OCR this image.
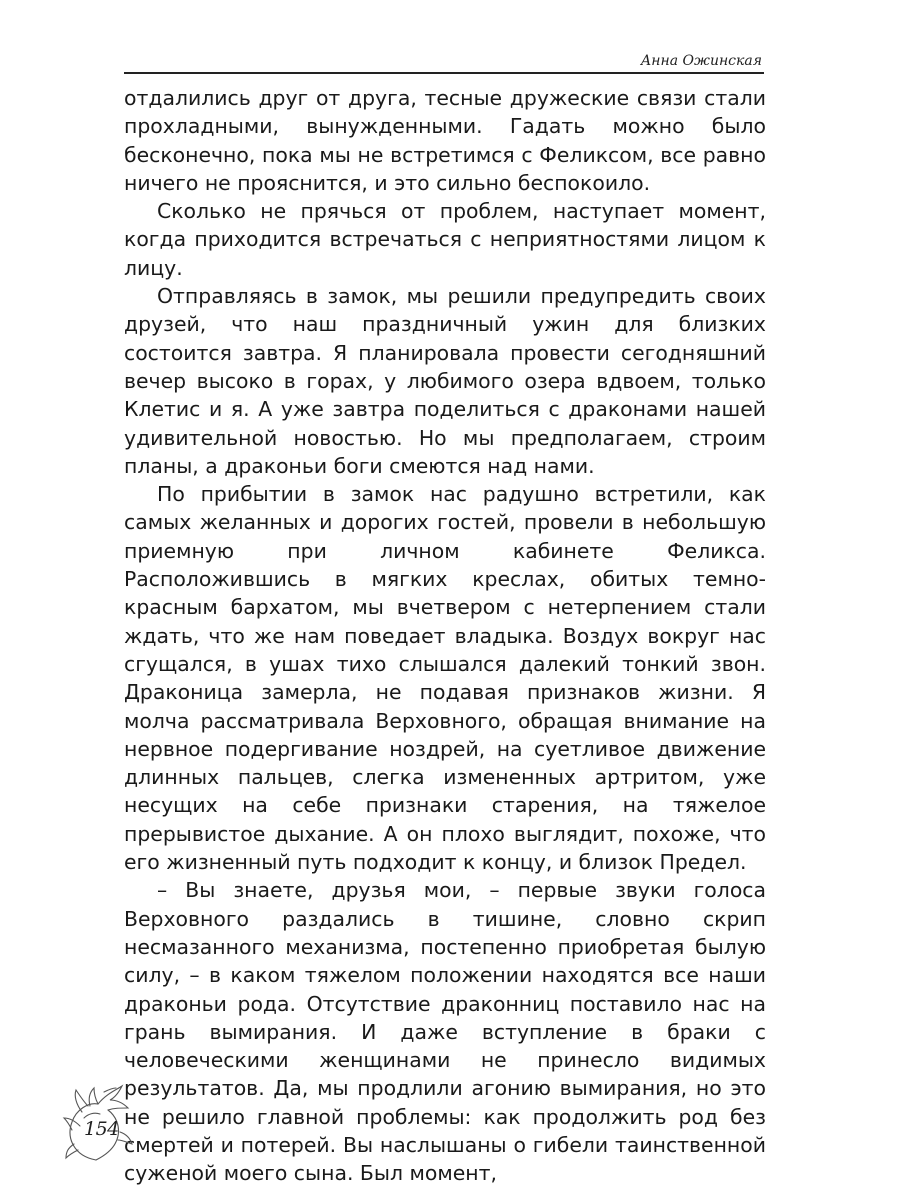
Анна Ожинская

отдалились друг от друга, тесные дружеские связи стали прохладными, вынужденными. Гадать можно было бесконечно, пока мы не встретимся с Феликсом, все равно ничего не прояснится, и это сильно беспокоило.

Сколько не прячься от проблем, наступает момент, когда приходится встречаться с неприятностями лицом к лицу.

Отправляясь в замок, мы решили предупредить своих друзей, что наш праздничный ужин для близких состоится завтра. Я планировала провести сегодняшний вечер высоко в горах, у любимого озера вдвоем, только Клетис и я. А уже завтра поделиться с драконами нашей удивительной новостью. Но мы предполагаем, строим планы, а драконьи боги смеются над нами.

По прибытии в замок нас радушно встретили, как самых желанных и дорогих гостей, провели в небольшую приемную при личном кабинете Феликса. Расположившись в мягких креслах, обитых темно-красным бархатом, мы вчетвером с нетерпением стали ждать, что же нам поведает владыка. Воздух вокруг нас сгущался, в ушах тихо слышался далекий тонкий звон. Драконица замерла, не подавая признаков жизни. Я молча рассматривала Верховного, обращая внимание на нервное подергивание ноздрей, на суетливое движение длинных пальцев, слегка измененных артритом, уже несущих на себе признаки старения, на тяжелое прерывистое дыхание. А он плохо выглядит, похоже, что его жизненный путь подходит к концу, и близок Предел.

– Вы знаете, друзья мои, – первые звуки голоса Верховного раздались в тишине, словно скрип несмазанного механизма, постепенно приобретая былую силу, – в каком тяжелом положении находятся все наши драконьи рода. Отсутствие драконниц поставило нас на грань вымирания. И даже вступление в браки с человеческими женщинами не принесло видимых результатов. Да, мы продлили агонию вымирания, но это не решило главной проблемы: как продолжить род без смертей и потерей. Вы наслышаны о гибели таинственной суженой моего сына. Был момент,

154
